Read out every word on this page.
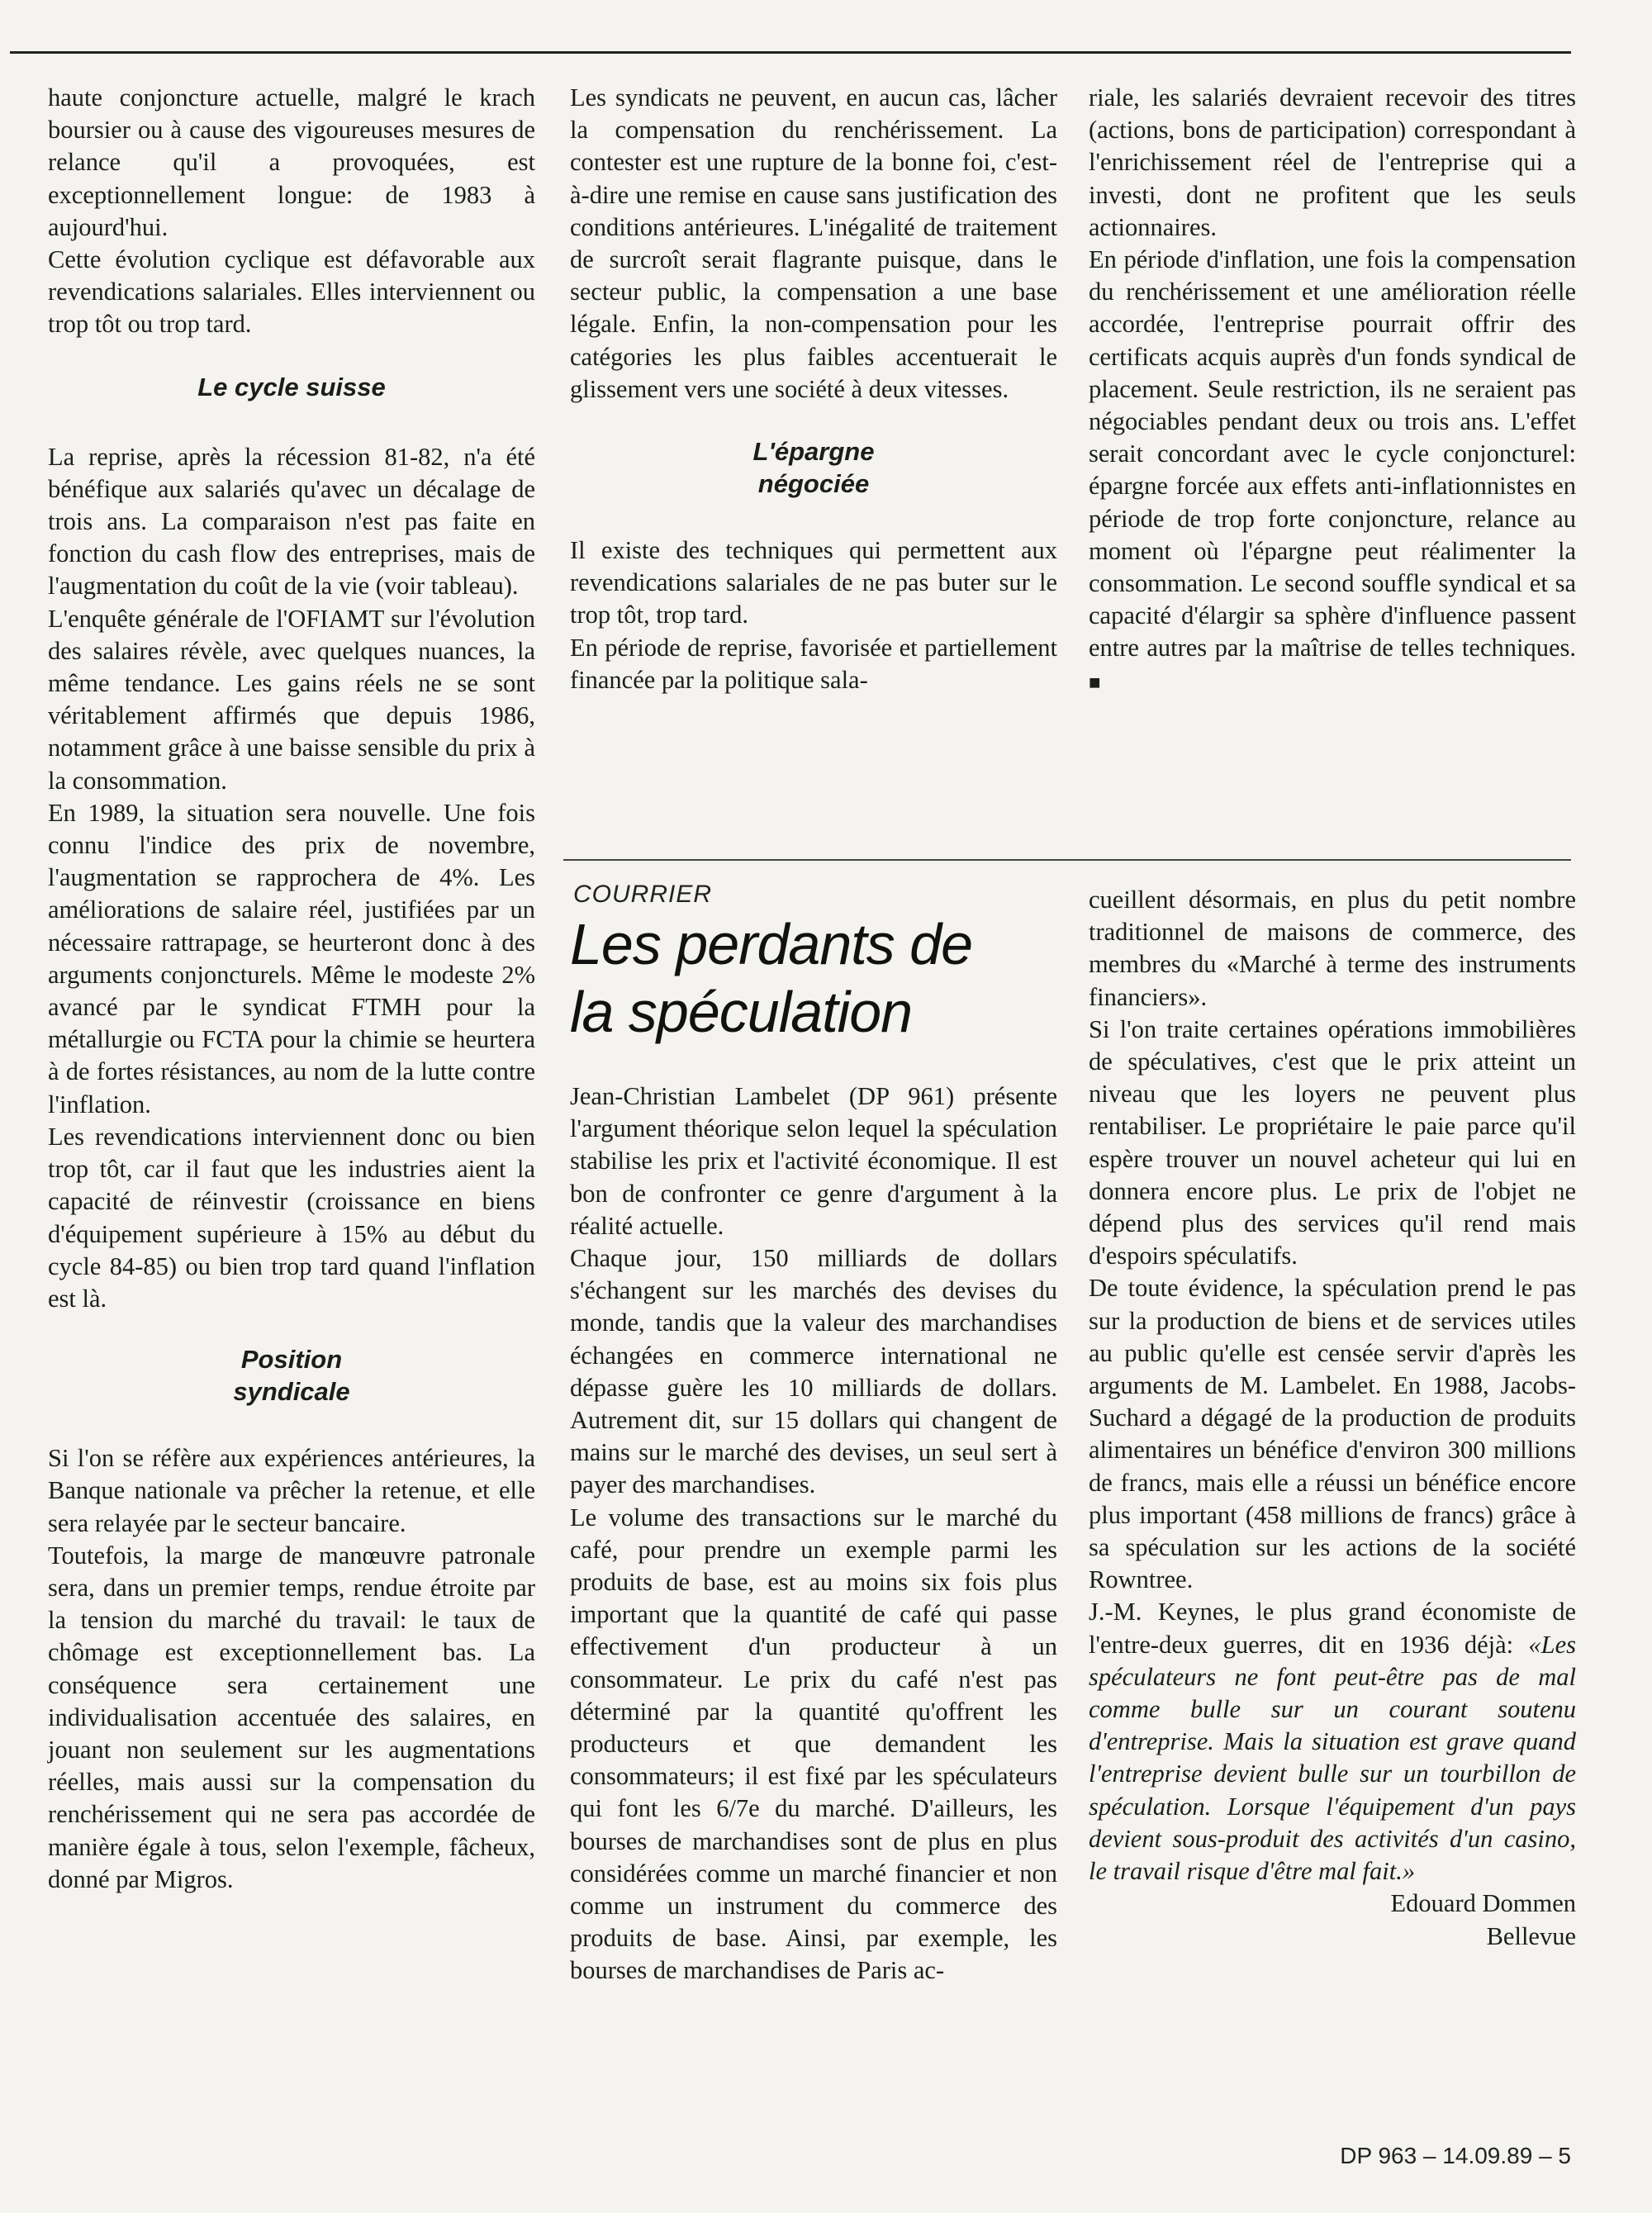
haute conjoncture actuelle, malgré le krach boursier ou à cause des vigoureuses mesures de relance qu'il a provoquées, est exceptionnellement longue: de 1983 à aujourd'hui.

Cette évolution cyclique est défavorable aux revendications salariales. Elles interviennent ou trop tôt ou trop tard.

Le cycle suisse

La reprise, après la récession 81-82, n'a été bénéfique aux salariés qu'avec un décalage de trois ans. La comparaison n'est pas faite en fonction du cash flow des entreprises, mais de l'augmentation du coût de la vie (voir tableau).

L'enquête générale de l'OFIAMT sur l'évolution des salaires révèle, avec quelques nuances, la même tendance. Les gains réels ne se sont véritablement affirmés que depuis 1986, notamment grâce à une baisse sensible du prix à la consommation.

En 1989, la situation sera nouvelle. Une fois connu l'indice des prix de novembre, l'augmentation se rapprochera de 4%. Les améliorations de salaire réel, justifiées par un nécessaire rattrapage, se heurteront donc à des arguments conjoncturels. Même le modeste 2% avancé par le syndicat FTMH pour la métallurgie ou FCTA pour la chimie se heurtera à de fortes résistances, au nom de la lutte contre l'inflation.

Les revendications interviennent donc ou bien trop tôt, car il faut que les industries aient la capacité de réinvestir (croissance en biens d'équipement supérieure à 15% au début du cycle 84-85) ou bien trop tard quand l'inflation est là.

Position

syndicale

Si l'on se réfère aux expériences antérieures, la Banque nationale va prêcher la retenue, et elle sera relayée par le secteur bancaire.

Toutefois, la marge de manœuvre patronale sera, dans un premier temps, rendue étroite par la tension du marché du travail: le taux de chômage est exceptionnellement bas. La conséquence sera certainement une individualisation accentuée des salaires, en jouant non seulement sur les augmentations réelles, mais aussi sur la compensation du renchérissement qui ne sera pas accordée de manière égale à tous, selon l'exemple, fâcheux, donné par Migros.

Les syndicats ne peuvent, en aucun cas, lâcher la compensation du renchérissement. La contester est une rupture de la bonne foi, c'est-à-dire une remise en cause sans justification des conditions antérieures. L'inégalité de traitement de surcroît serait flagrante puisque, dans le secteur public, la compensation a une base légale. Enfin, la non-compensation pour les catégories les plus faibles accentuerait le glissement vers une société à deux vitesses.

L'épargne

négociée

Il existe des techniques qui permettent aux revendications salariales de ne pas buter sur le trop tôt, trop tard.

En période de reprise, favorisée et partiellement financée par la politique sala-

riale, les salariés devraient recevoir des titres (actions, bons de participation) correspondant à l'enrichissement réel de l'entreprise qui a investi, dont ne profitent que les seuls actionnaires.

En période d'inflation, une fois la compensation du renchérissement et une amélioration réelle accordée, l'entreprise pourrait offrir des certificats acquis auprès d'un fonds syndical de placement. Seule restriction, ils ne seraient pas négociables pendant deux ou trois ans. L'effet serait concordant avec le cycle conjoncturel: épargne forcée aux effets anti-inflationnistes en période de trop forte conjoncture, relance au moment où l'épargne peut réalimenter la consommation. Le second souffle syndical et sa capacité d'élargir sa sphère d'influence passent entre autres par la maîtrise de telles techniques. ■

COURRIER
Les perdants de
la spéculation

Jean-Christian Lambelet (DP 961) présente l'argument théorique selon lequel la spéculation stabilise les prix et l'activité économique. Il est bon de confronter ce genre d'argument à la réalité actuelle.

Chaque jour, 150 milliards de dollars s'échangent sur les marchés des devises du monde, tandis que la valeur des marchandises échangées en commerce international ne dépasse guère les 10 milliards de dollars. Autrement dit, sur 15 dollars qui changent de mains sur le marché des devises, un seul sert à payer des marchandises.

Le volume des transactions sur le marché du café, pour prendre un exemple parmi les produits de base, est au moins six fois plus important que la quantité de café qui passe effectivement d'un producteur à un consommateur. Le prix du café n'est pas déterminé par la quantité qu'offrent les producteurs et que demandent les consommateurs; il est fixé par les spéculateurs qui font les 6/7e du marché. D'ailleurs, les bourses de marchandises sont de plus en plus considérées comme un marché financier et non comme un instrument du commerce des produits de base. Ainsi, par exemple, les bourses de marchandises de Paris ac-

cueillent désormais, en plus du petit nombre traditionnel de maisons de commerce, des membres du «Marché à terme des instruments financiers».

Si l'on traite certaines opérations immobilières de spéculatives, c'est que le prix atteint un niveau que les loyers ne peuvent plus rentabiliser. Le propriétaire le paie parce qu'il espère trouver un nouvel acheteur qui lui en donnera encore plus. Le prix de l'objet ne dépend plus des services qu'il rend mais d'espoirs spéculatifs.

De toute évidence, la spéculation prend le pas sur la production de biens et de services utiles au public qu'elle est censée servir d'après les arguments de M. Lambelet. En 1988, Jacobs-Suchard a dégagé de la production de produits alimentaires un bénéfice d'environ 300 millions de francs, mais elle a réussi un bénéfice encore plus important (458 millions de francs) grâce à sa spéculation sur les actions de la société Rowntree.

J.-M. Keynes, le plus grand économiste de l'entre-deux guerres, dit en 1936 déjà: «Les spéculateurs ne font peut-être pas de mal comme bulle sur un courant soutenu d'entreprise. Mais la situation est grave quand l'entreprise devient bulle sur un tourbillon de spéculation. Lorsque l'équipement d'un pays devient sous-produit des activités d'un casino, le travail risque d'être mal fait.»

Edouard Dommen

Bellevue

DP 963 – 14.09.89 – 5
